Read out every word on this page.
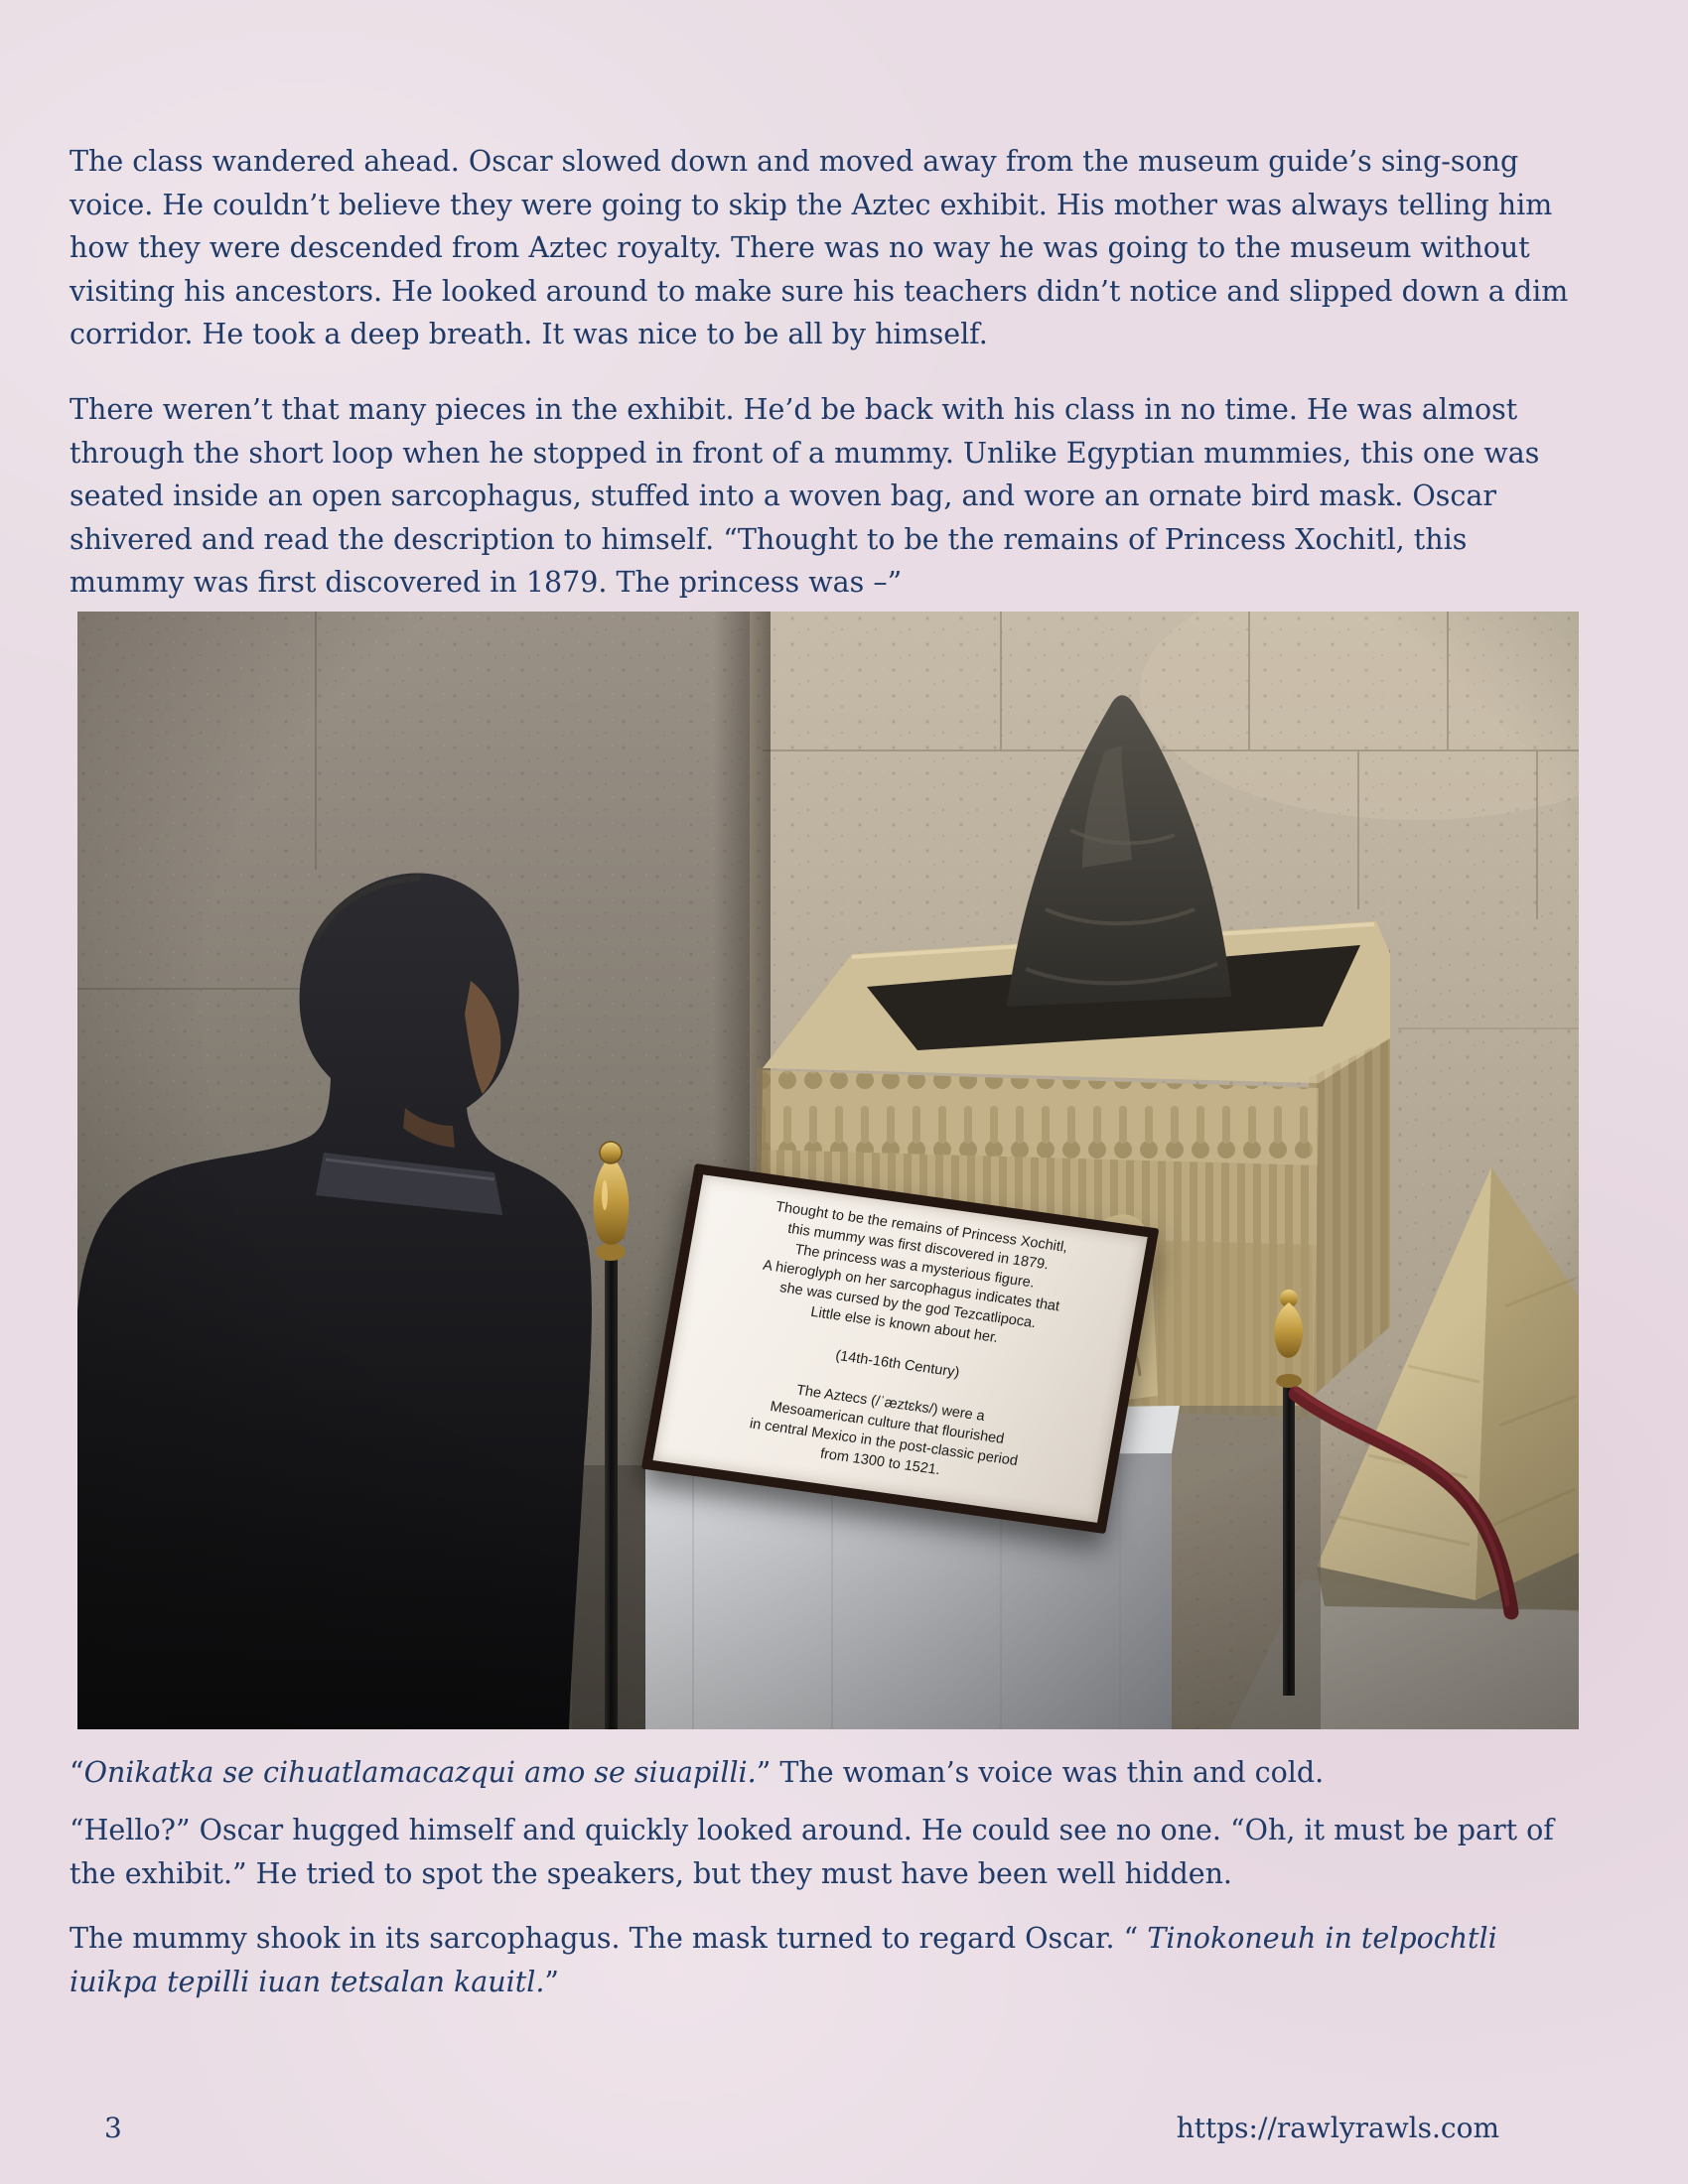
The class wandered ahead. Oscar slowed down and moved away from the museum guide’s sing-song voice. He couldn’t believe they were going to skip the Aztec exhibit. His mother was always telling him how they were descended from Aztec royalty. There was no way he was going to the museum without visiting his ancestors. He looked around to make sure his teachers didn’t notice and slipped down a dim corridor. He took a deep breath. It was nice to be all by himself.

There weren’t that many pieces in the exhibit. He’d be back with his class in no time. He was almost through the short loop when he stopped in front of a mummy. Unlike Egyptian mummies, this one was seated inside an open sarcophagus, stuffed into a woven bag, and wore an ornate bird mask. Oscar shivered and read the description to himself. “Thought to be the remains of Princess Xochitl, this mummy was first discovered in 1879. The princess was –”

Thought to be the remains of Princess Xochitl,
this mummy was first discovered in 1879.
The princess was a mysterious figure.
A hieroglyph on her sarcophagus indicates that
she was cursed by the god Tezcatlipoca.
Little else is known about her.

(14th-16th Century)

The Aztecs (/ˈæztɛks/) were a
Mesoamerican culture that flourished
in central Mexico in the post-classic period
from 1300 to 1521.

“Onikatka se cihuatlamacazqui amo se siuapilli.” The woman’s voice was thin and cold.

“Hello?” Oscar hugged himself and quickly looked around. He could see no one. “Oh, it must be part of the exhibit.” He tried to spot the speakers, but they must have been well hidden.

The mummy shook in its sarcophagus. The mask turned to regard Oscar. “ Tinokoneuh in telpochtli iuikpa tepilli iuan tetsalan kauitl.”

3	https://rawlyrawls.com
